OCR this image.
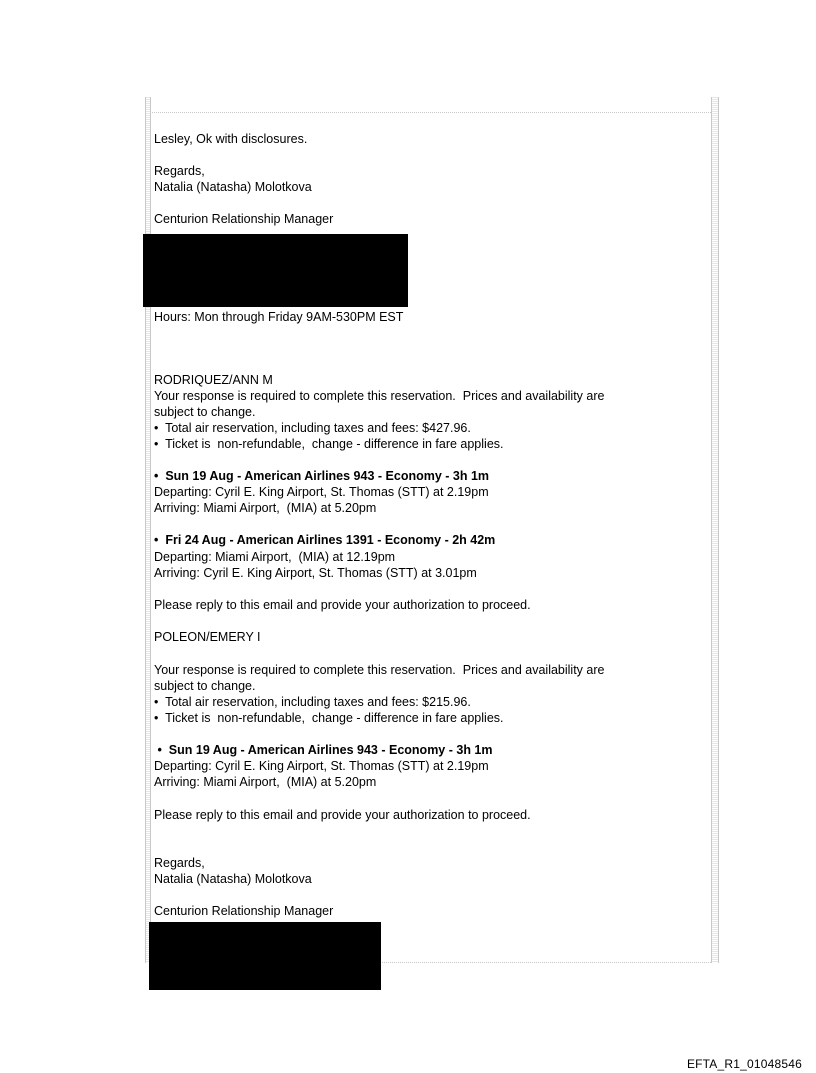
Lesley, Ok with disclosures.
Regards,
Natalia (Natasha) Molotkova
Centurion Relationship Manager
Hours: Mon through Friday 9AM-530PM EST
RODRIQUEZ/ANN M
Your response is required to complete this reservation.  Prices and availability are
subject to change.
•  Total air reservation, including taxes and fees: $427.96.
•  Ticket is  non-refundable,  change - difference in fare applies.
•  Sun 19 Aug - American Airlines 943 - Economy - 3h 1m
Departing: Cyril E. King Airport, St. Thomas (STT) at 2.19pm
Arriving: Miami Airport,  (MIA) at 5.20pm
•  Fri 24 Aug - American Airlines 1391 - Economy - 2h 42m
Departing: Miami Airport,  (MIA) at 12.19pm
Arriving: Cyril E. King Airport, St. Thomas (STT) at 3.01pm
Please reply to this email and provide your authorization to proceed.
POLEON/EMERY I
Your response is required to complete this reservation.  Prices and availability are
subject to change.
•  Total air reservation, including taxes and fees: $215.96.
•  Ticket is  non-refundable,  change - difference in fare applies.
•  Sun 19 Aug - American Airlines 943 - Economy - 3h 1m
Departing: Cyril E. King Airport, St. Thomas (STT) at 2.19pm
Arriving: Miami Airport,  (MIA) at 5.20pm
Please reply to this email and provide your authorization to proceed.
Regards,
Natalia (Natasha) Molotkova
Centurion Relationship Manager
EFTA_R1_01048546
